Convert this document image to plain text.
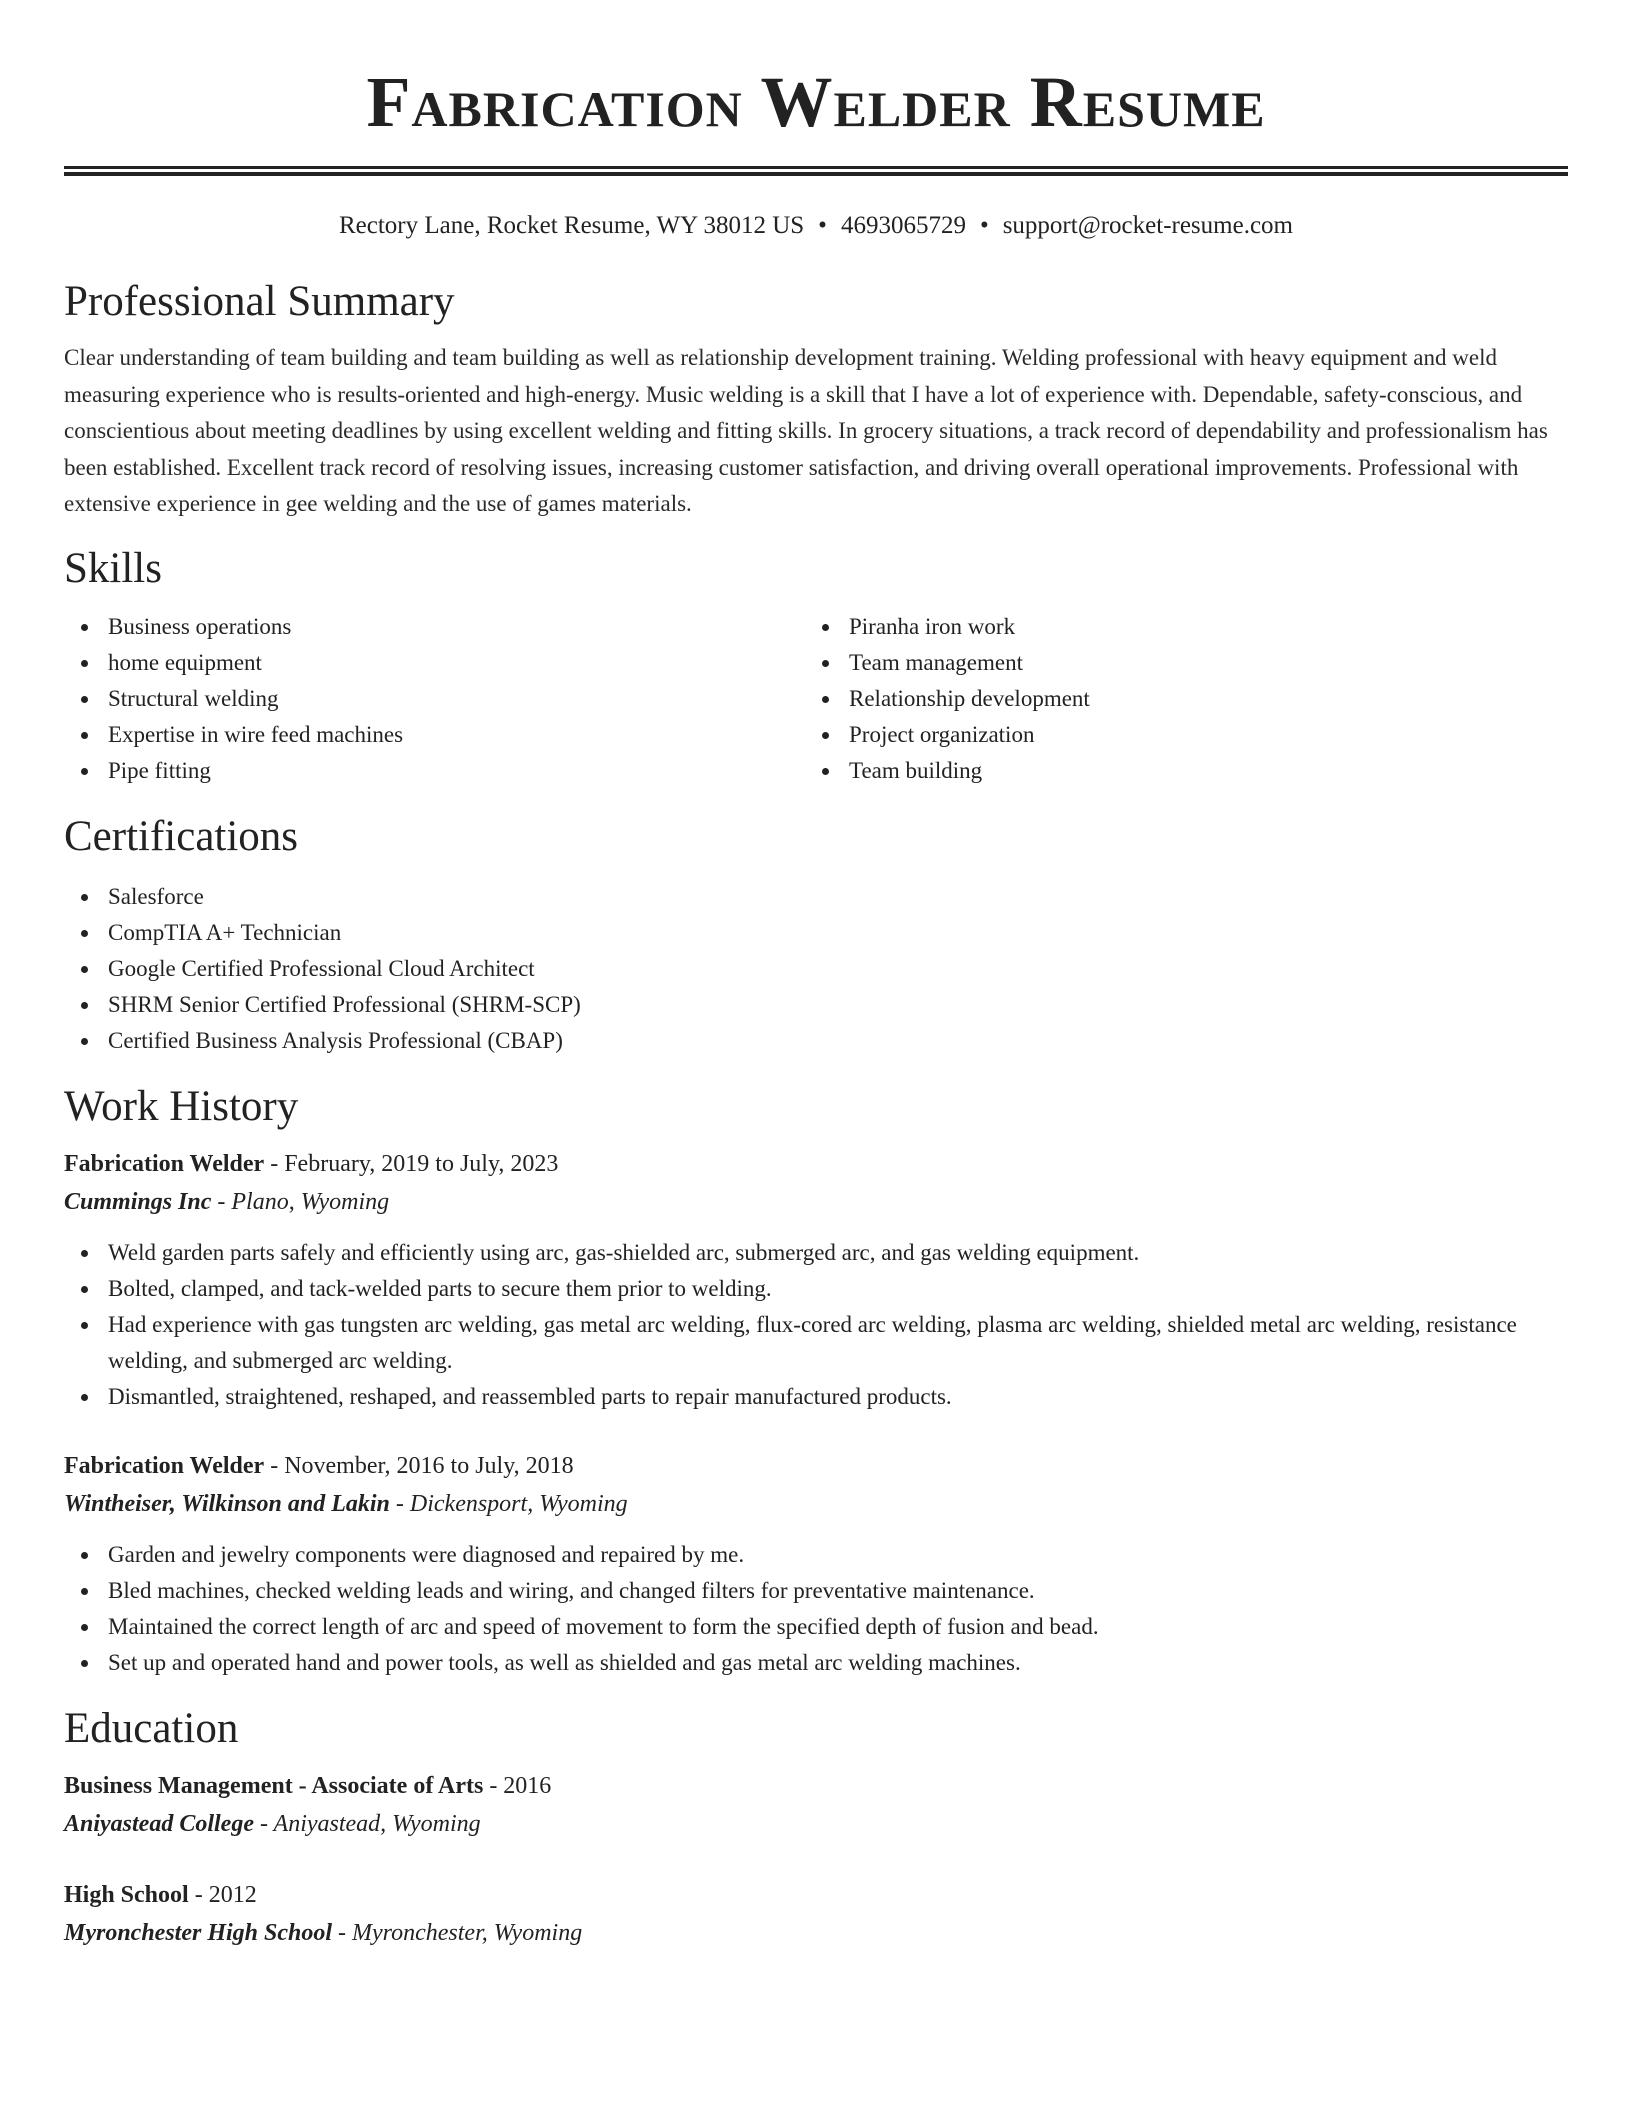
Fabrication Welder Resume
Rectory Lane, Rocket Resume, WY 38012 US • 4693065729 • support@rocket-resume.com
Professional Summary

Clear understanding of team building and team building as well as relationship development training. Welding professional with heavy equipment and weld measuring experience who is results-oriented and high-energy. Music welding is a skill that I have a lot of experience with. Dependable, safety-conscious, and conscientious about meeting deadlines by using excellent welding and fitting skills. In grocery situations, a track record of dependability and professionalism has been established. Excellent track record of resolving issues, increasing customer satisfaction, and driving overall operational improvements. Professional with extensive experience in gee welding and the use of games materials.

Skills
Business operations
home equipment
Structural welding
Expertise in wire feed machines
Pipe fitting
Piranha iron work
Team management
Relationship development
Project organization
Team building
Certifications
Salesforce
CompTIA A+ Technician
Google Certified Professional Cloud Architect
SHRM Senior Certified Professional (SHRM-SCP)
Certified Business Analysis Professional (CBAP)
Work History
Fabrication Welder - February, 2019 to July, 2023
Cummings Inc - Plano, Wyoming
Weld garden parts safely and efficiently using arc, gas-shielded arc, submerged arc, and gas welding equipment.
Bolted, clamped, and tack-welded parts to secure them prior to welding.
Had experience with gas tungsten arc welding, gas metal arc welding, flux-cored arc welding, plasma arc welding, shielded metal arc welding, resistance welding, and submerged arc welding.
Dismantled, straightened, reshaped, and reassembled parts to repair manufactured products.
Fabrication Welder - November, 2016 to July, 2018
Wintheiser, Wilkinson and Lakin - Dickensport, Wyoming
Garden and jewelry components were diagnosed and repaired by me.
Bled machines, checked welding leads and wiring, and changed filters for preventative maintenance.
Maintained the correct length of arc and speed of movement to form the specified depth of fusion and bead.
Set up and operated hand and power tools, as well as shielded and gas metal arc welding machines.
Education
Business Management - Associate of Arts - 2016
Aniyastead College - Aniyastead, Wyoming
High School - 2012
Myronchester High School - Myronchester, Wyoming
